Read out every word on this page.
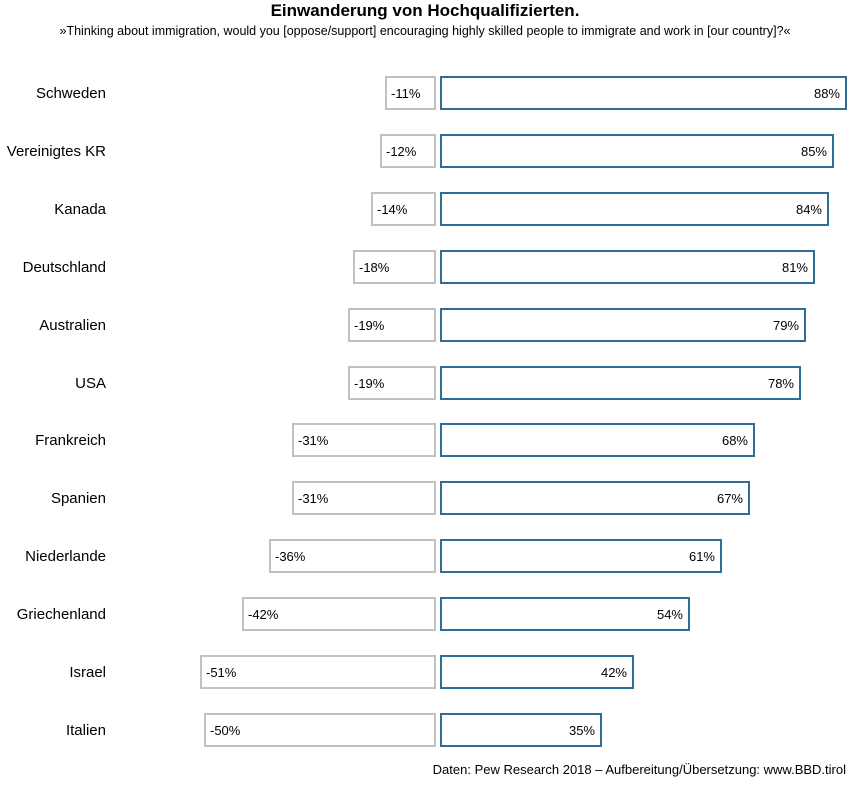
Einwanderung von Hochqualifizierten.
»Thinking about immigration, would you [oppose/support] encouraging highly skilled people to immigrate and work in [our country]?«
Schweden	-11%	88%
Vereinigtes KR	-12%	85%
Kanada	-14%	84%
Deutschland	-18%	81%
Australien	-19%	79%
USA	-19%	78%
Frankreich	-31%	68%
Spanien	-31%	67%
Niederlande	-36%	61%
Griechenland	-42%	54%
Israel	-51%	42%
Italien	-50%	35%
Daten: Pew Research 2018 – Aufbereitung/Übersetzung: www.BBD.tirol
